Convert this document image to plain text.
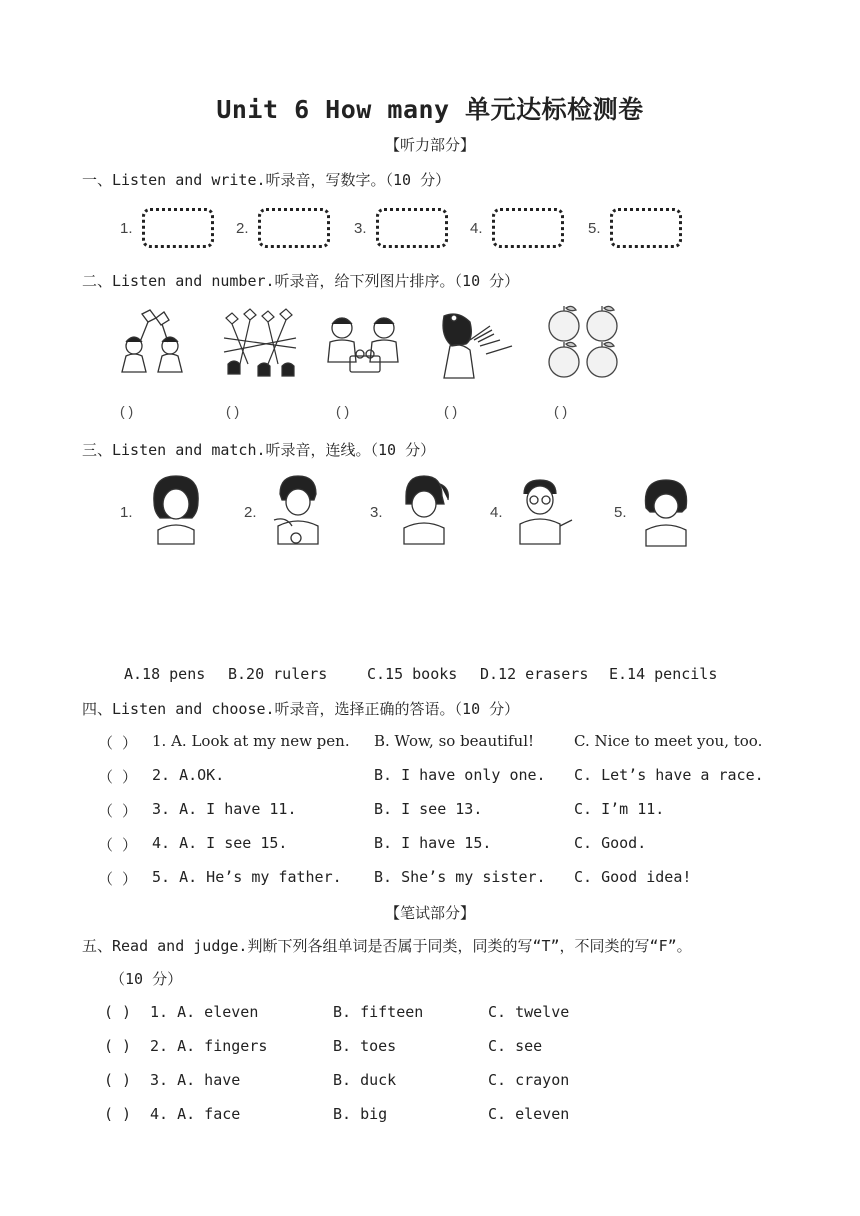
Unit 6 How many 单元达标检测卷
【听力部分】
一、Listen and write.听录音，写数字。（10 分）
1.	2.	3.	4.	5.
二、Listen and number.听录音，给下列图片排序。（10 分）
( )	( )	( )	( )	( )
三、Listen and match.听录音，连线。（10 分）
1.	2.	3.	4.	5.
A.18 pens B.20 rulers	C.15 books D.12 erasers E.14 pencils
四、Listen and choose.听录音，选择正确的答语。（10 分）
（ ） 1. A. Look at my new pen. B. Wow, so beautiful!	C. Nice to meet you, too.
（ ） 2. A.OK.	B. I have only one. C. Let’s have a race.
（ ） 3. A. I have 11.	B. I see 13.	C. I’m 11.
（ ） 4. A. I see 15.	B. I have 15.	C. Good.
（ ） 5. A. He’s my father. B. She’s my sister. C. Good idea!
【笔试部分】
五、Read and judge.判断下列各组单词是否属于同类，同类的写“T”，不同类的写“F”。
（10 分）
( ) 1. A. eleven	B. fifteen	C. twelve
( ) 2. A. fingers	B. toes	C. see
( ) 3. A. have	B. duck	C. crayon
( ) 4. A. face	B. big	C. eleven
